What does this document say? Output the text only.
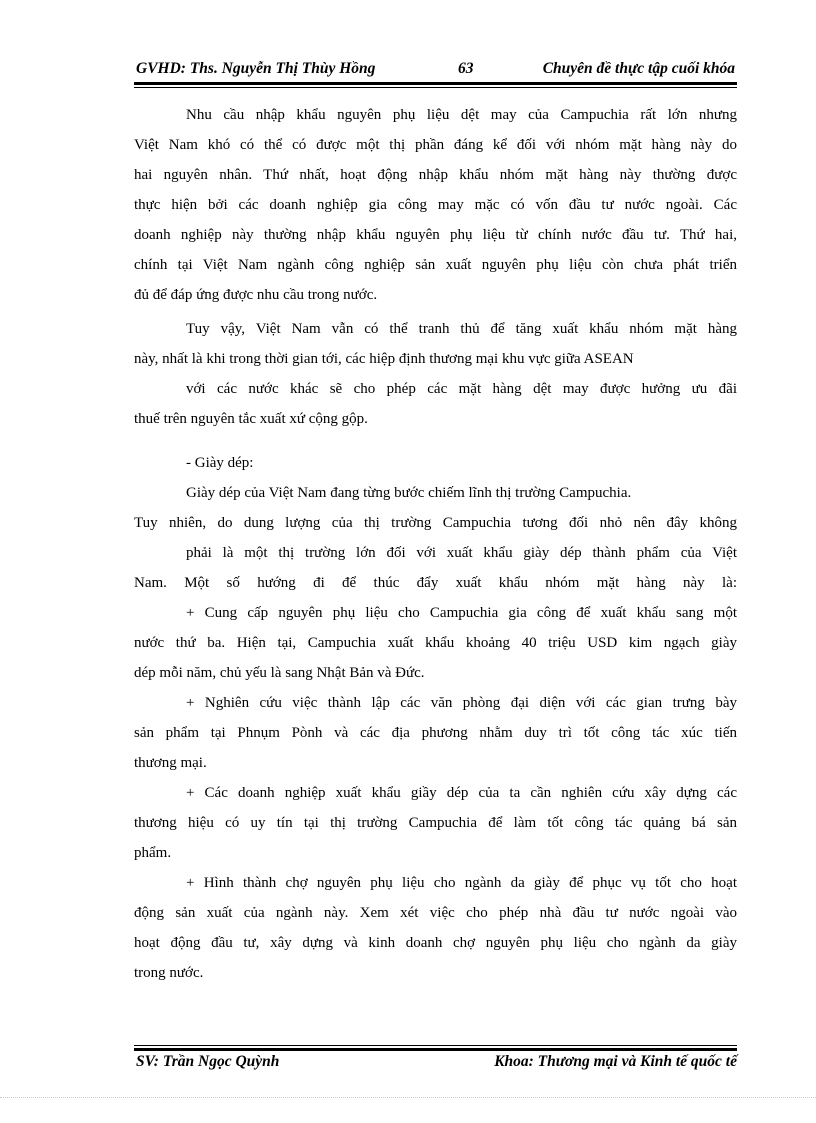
GVHD: Ths. Nguyễn Thị Thùy Hồng	63	Chuyên đề thực tập cuối khóa
Nhu cầu nhập khẩu nguyên phụ liệu dệt may của Campuchia rất lớn nhưng
Việt Nam khó có thể có được một thị phần đáng kể đối với nhóm mặt hàng này do
hai nguyên nhân. Thứ nhất, hoạt động nhập khẩu nhóm mặt hàng này thường được
thực hiện bởi các doanh nghiệp gia công may mặc có vốn đầu tư nước ngoài. Các
doanh nghiệp này thường nhập khẩu nguyên phụ liệu từ chính nước đầu tư. Thứ hai,
chính tại Việt Nam ngành công nghiệp sản xuất nguyên phụ liệu còn chưa phát triển
đủ để đáp ứng được nhu cầu trong nước.
Tuy vậy, Việt Nam vẫn có thể tranh thủ để tăng xuất khẩu nhóm mặt hàng
này, nhất là khi trong thời gian tới, các hiệp định thương mại khu vực giữa ASEAN
với các nước khác sẽ cho phép các mặt hàng dệt may được hưởng ưu đãi
thuế trên nguyên tắc xuất xứ cộng gộp.
- Giày dép:
Giày dép của Việt Nam đang từng bước chiếm lĩnh thị trường Campuchia.
Tuy nhiên, do dung lượng của thị trường Campuchia tương đối nhỏ nên đây không
phải là một thị trường lớn đối với xuất khẩu giày dép thành phẩm của Việt
Nam. Một số hướng đi để thúc đẩy xuất khẩu nhóm mặt hàng này là:
+ Cung cấp nguyên phụ liệu cho Campuchia gia công để xuất khẩu sang một
nước thứ ba. Hiện tại, Campuchia xuất khẩu khoảng 40 triệu USD kim ngạch giày
dép mỗi năm, chủ yếu là sang Nhật Bản và Đức.
+ Nghiên cứu việc thành lập các văn phòng đại diện với các gian trưng bày
sản phẩm tại Phnụm Pònh và các địa phương nhằm duy trì tốt công tác xúc tiến
thương mại.
+ Các doanh nghiệp xuất khẩu giầy dép của ta cần nghiên cứu xây dựng các
thương hiệu có uy tín tại thị trường Campuchia để làm tốt công tác quảng bá sản
phẩm.
+ Hình thành chợ nguyên phụ liệu cho ngành da giày để phục vụ tốt cho hoạt
động sản xuất của ngành này. Xem xét việc cho phép nhà đầu tư nước ngoài vào
hoạt động đầu tư, xây dựng và kinh doanh chợ nguyên phụ liệu cho ngành da giày
trong nước.
SV: Trần Ngọc Quỳnh	Khoa: Thương mại và Kinh tế quốc tế
